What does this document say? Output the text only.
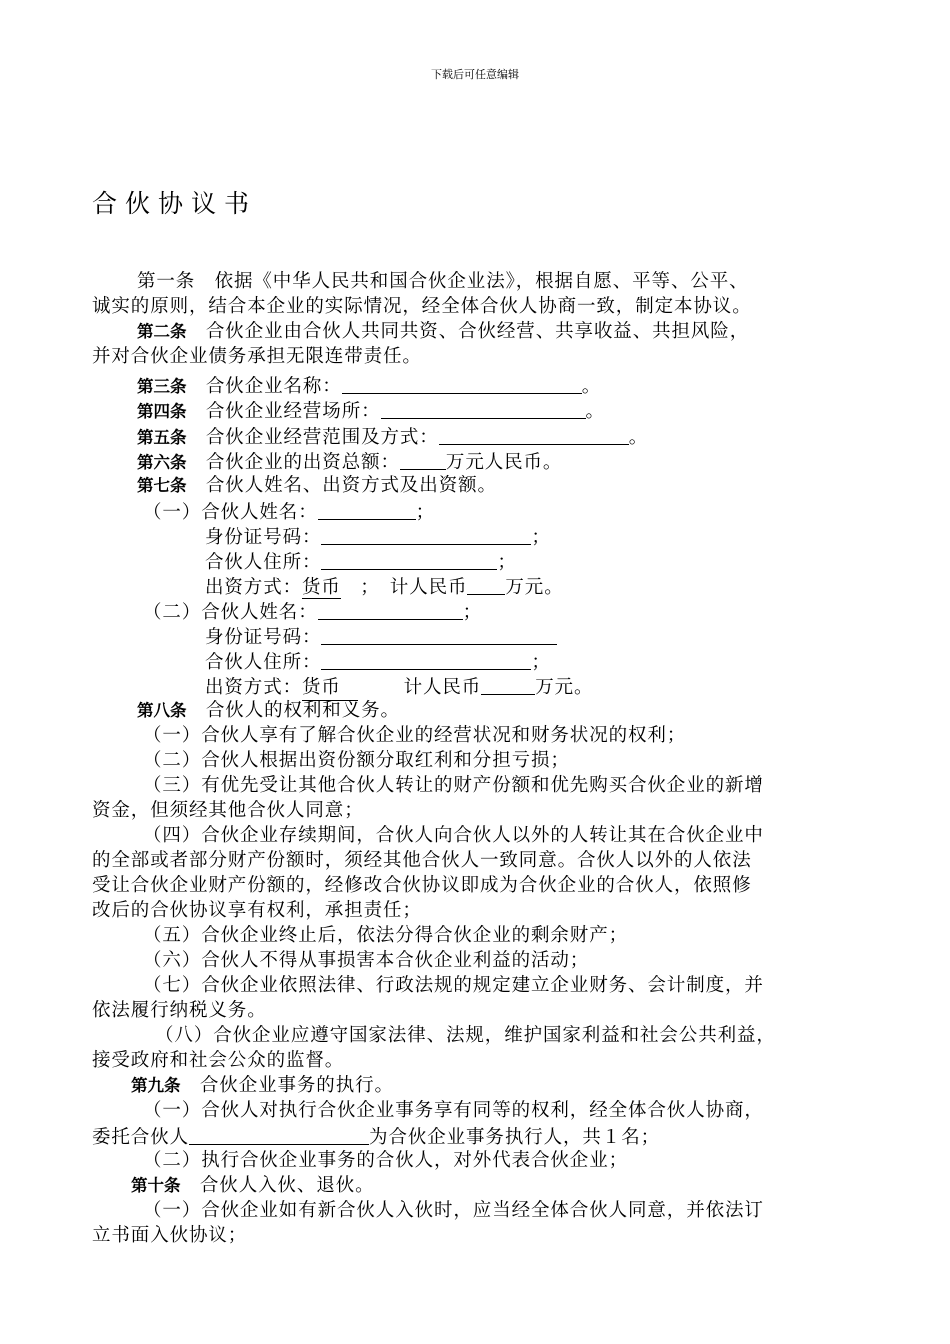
下载后可任意编辑
合伙协议书
第一条　依据《中华人民共和国合伙企业法》，根据自愿、平等、公平、
诚实的原则，结合本企业的实际情况，经全体合伙人协商一致，制定本协议。
第二条　 合伙企业由合伙人共同共资、合伙经营、共享收益、共担风险，
并对合伙企业债务承担无限连带责任。
第三条　 合伙企业名称：	。
第四条　 合伙企业经营场所：	。
第五条　 合伙企业经营范围及方式：	。
第六条　 合伙企业的出资总额： 万元人民币。
第七条　 合伙人姓名、出资方式及出资额。
（一）合伙人姓名：	；
身份证号码：	；
合伙人住所：	；
出资方式：货币　 ；　 计人民币 万元。
（二）合伙人姓名：	；
身份证号码：
合伙人住所：	；
出资方式：货币　　	计人民币	万元。
第八条　 合伙人的权利和义务。
（一）合伙人享有了解合伙企业的经营状况和财务状况的权利；
（二）合伙人根据出资份额分取红利和分担亏损；
（三）有优先受让其他合伙人转让的财产份额和优先购买合伙企业的新增
资金，但须经其他合伙人同意；
（四）合伙企业存续期间，合伙人向合伙人以外的人转让其在合伙企业中
的全部或者部分财产份额时，须经其他合伙人一致同意。合伙人以外的人依法
受让合伙企业财产份额的，经修改合伙协议即成为合伙企业的合伙人，依照修
改后的合伙协议享有权利，承担责任；
（五）合伙企业终止后，依法分得合伙企业的剩余财产；
（六）合伙人不得从事损害本合伙企业利益的活动；
（七）合伙企业依照法律、行政法规的规定建立企业财务、会计制度，并
依法履行纳税义务。
（八）合伙企业应遵守国家法律、法规，维护国家利益和社会公共利益，
接受政府和社会公众的监督。
第九条　 合伙企业事务的执行。
（一）合伙人对执行合伙企业事务享有同等的权利，经全体合伙人协商，
委托合伙人	为合伙企业事务执行人，共１名；
（二）执行合伙企业事务的合伙人，对外代表合伙企业；
第十条　 合伙人入伙、退伙。
（一）合伙企业如有新合伙人入伙时，应当经全体合伙人同意，并依法订
立书面入伙协议；
